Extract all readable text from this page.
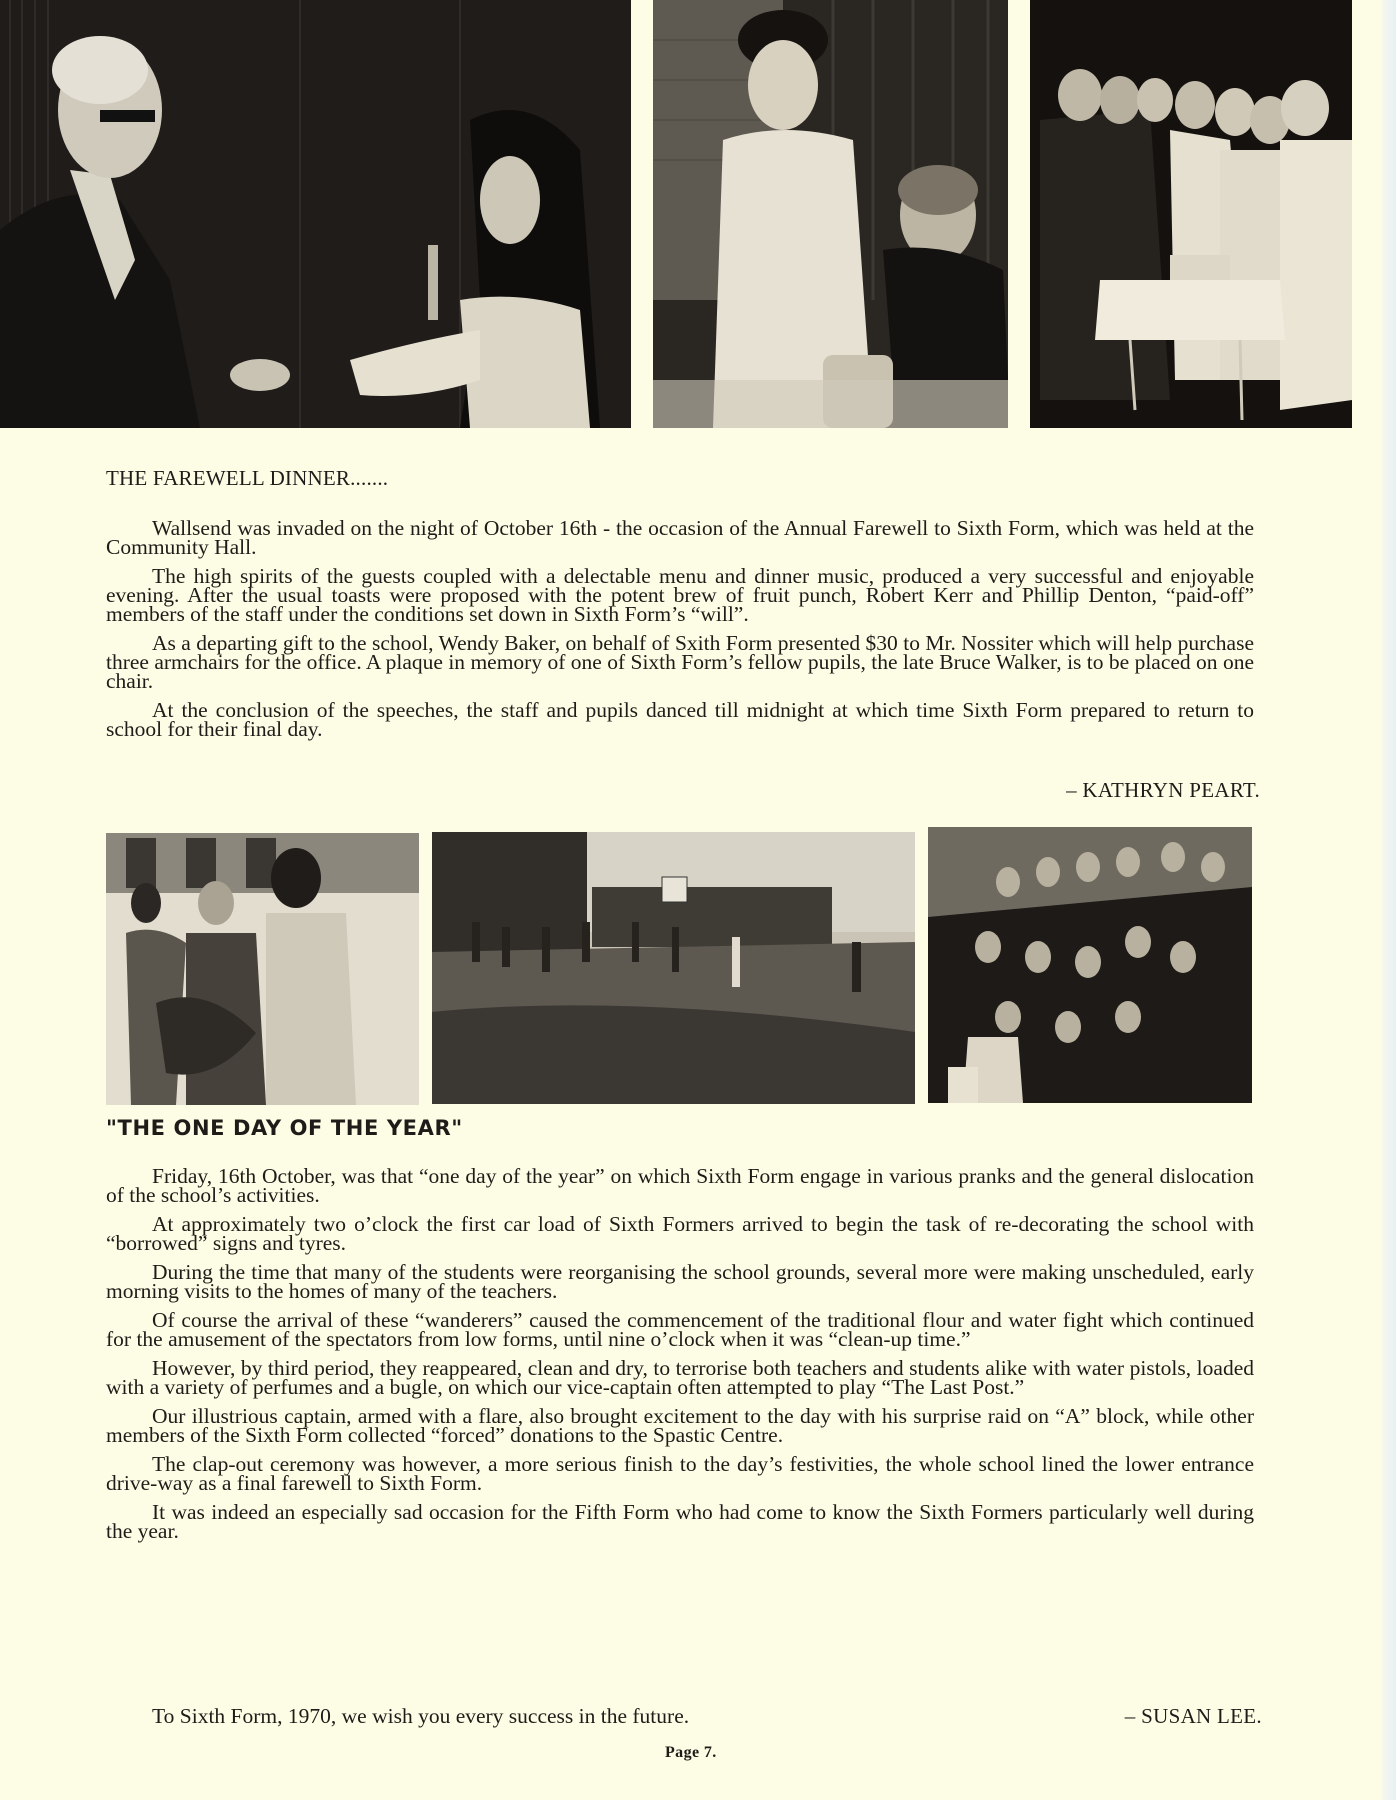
THE FAREWELL DINNER.......

Wallsend was invaded on the night of October 16th - the occasion of the Annual Farewell to Sixth Form, which was held at the Community Hall.

The high spirits of the guests coupled with a delectable menu and dinner music, produced a very successful and enjoyable evening. After the usual toasts were proposed with the potent brew of fruit punch, Robert Kerr and Phillip Denton, “paid-off” members of the staff under the conditions set down in Sixth Form’s “will”.

As a departing gift to the school, Wendy Baker, on behalf of Sxith Form presented $30 to Mr. Nossiter which will help purchase three armchairs for the office. A plaque in memory of one of Sixth Form’s fellow pupils, the late Bruce Walker, is to be placed on one chair.

At the conclusion of the speeches, the staff and pupils danced till midnight at which time Sixth Form prepared to return to school for their final day.

– KATHRYN PEART.
"THE ONE DAY OF THE YEAR"

Friday, 16th October, was that “one day of the year” on which Sixth Form engage in various pranks and the general dislocation of the school’s activities.

At approximately two o’clock the first car load of Sixth Formers arrived to begin the task of re-decorating the school with “borrowed” signs and tyres.

During the time that many of the students were reorganising the school grounds, several more were making unscheduled, early morning visits to the homes of many of the teachers.

Of course the arrival of these “wanderers” caused the commencement of the traditional flour and water fight which continued for the amusement of the spectators from low forms, until nine o’clock when it was “clean-up time.”

However, by third period, they reappeared, clean and dry, to terrorise both teachers and students alike with water pistols, loaded with a variety of perfumes and a bugle, on which our vice-captain often attempted to play “The Last Post.”

Our illustrious captain, armed with a flare, also brought excitement to the day with his surprise raid on “A” block, while other members of the Sixth Form collected “forced” donations to the Spastic Centre.

The clap-out ceremony was however, a more serious finish to the day’s festivities, the whole school lined the lower entrance drive-way as a final farewell to Sixth Form.

It was indeed an especially sad occasion for the Fifth Form who had come to know the Sixth Formers particularly well during the year.

To Sixth Form, 1970, we wish you every success in the future.	– SUSAN LEE.
Page 7.
